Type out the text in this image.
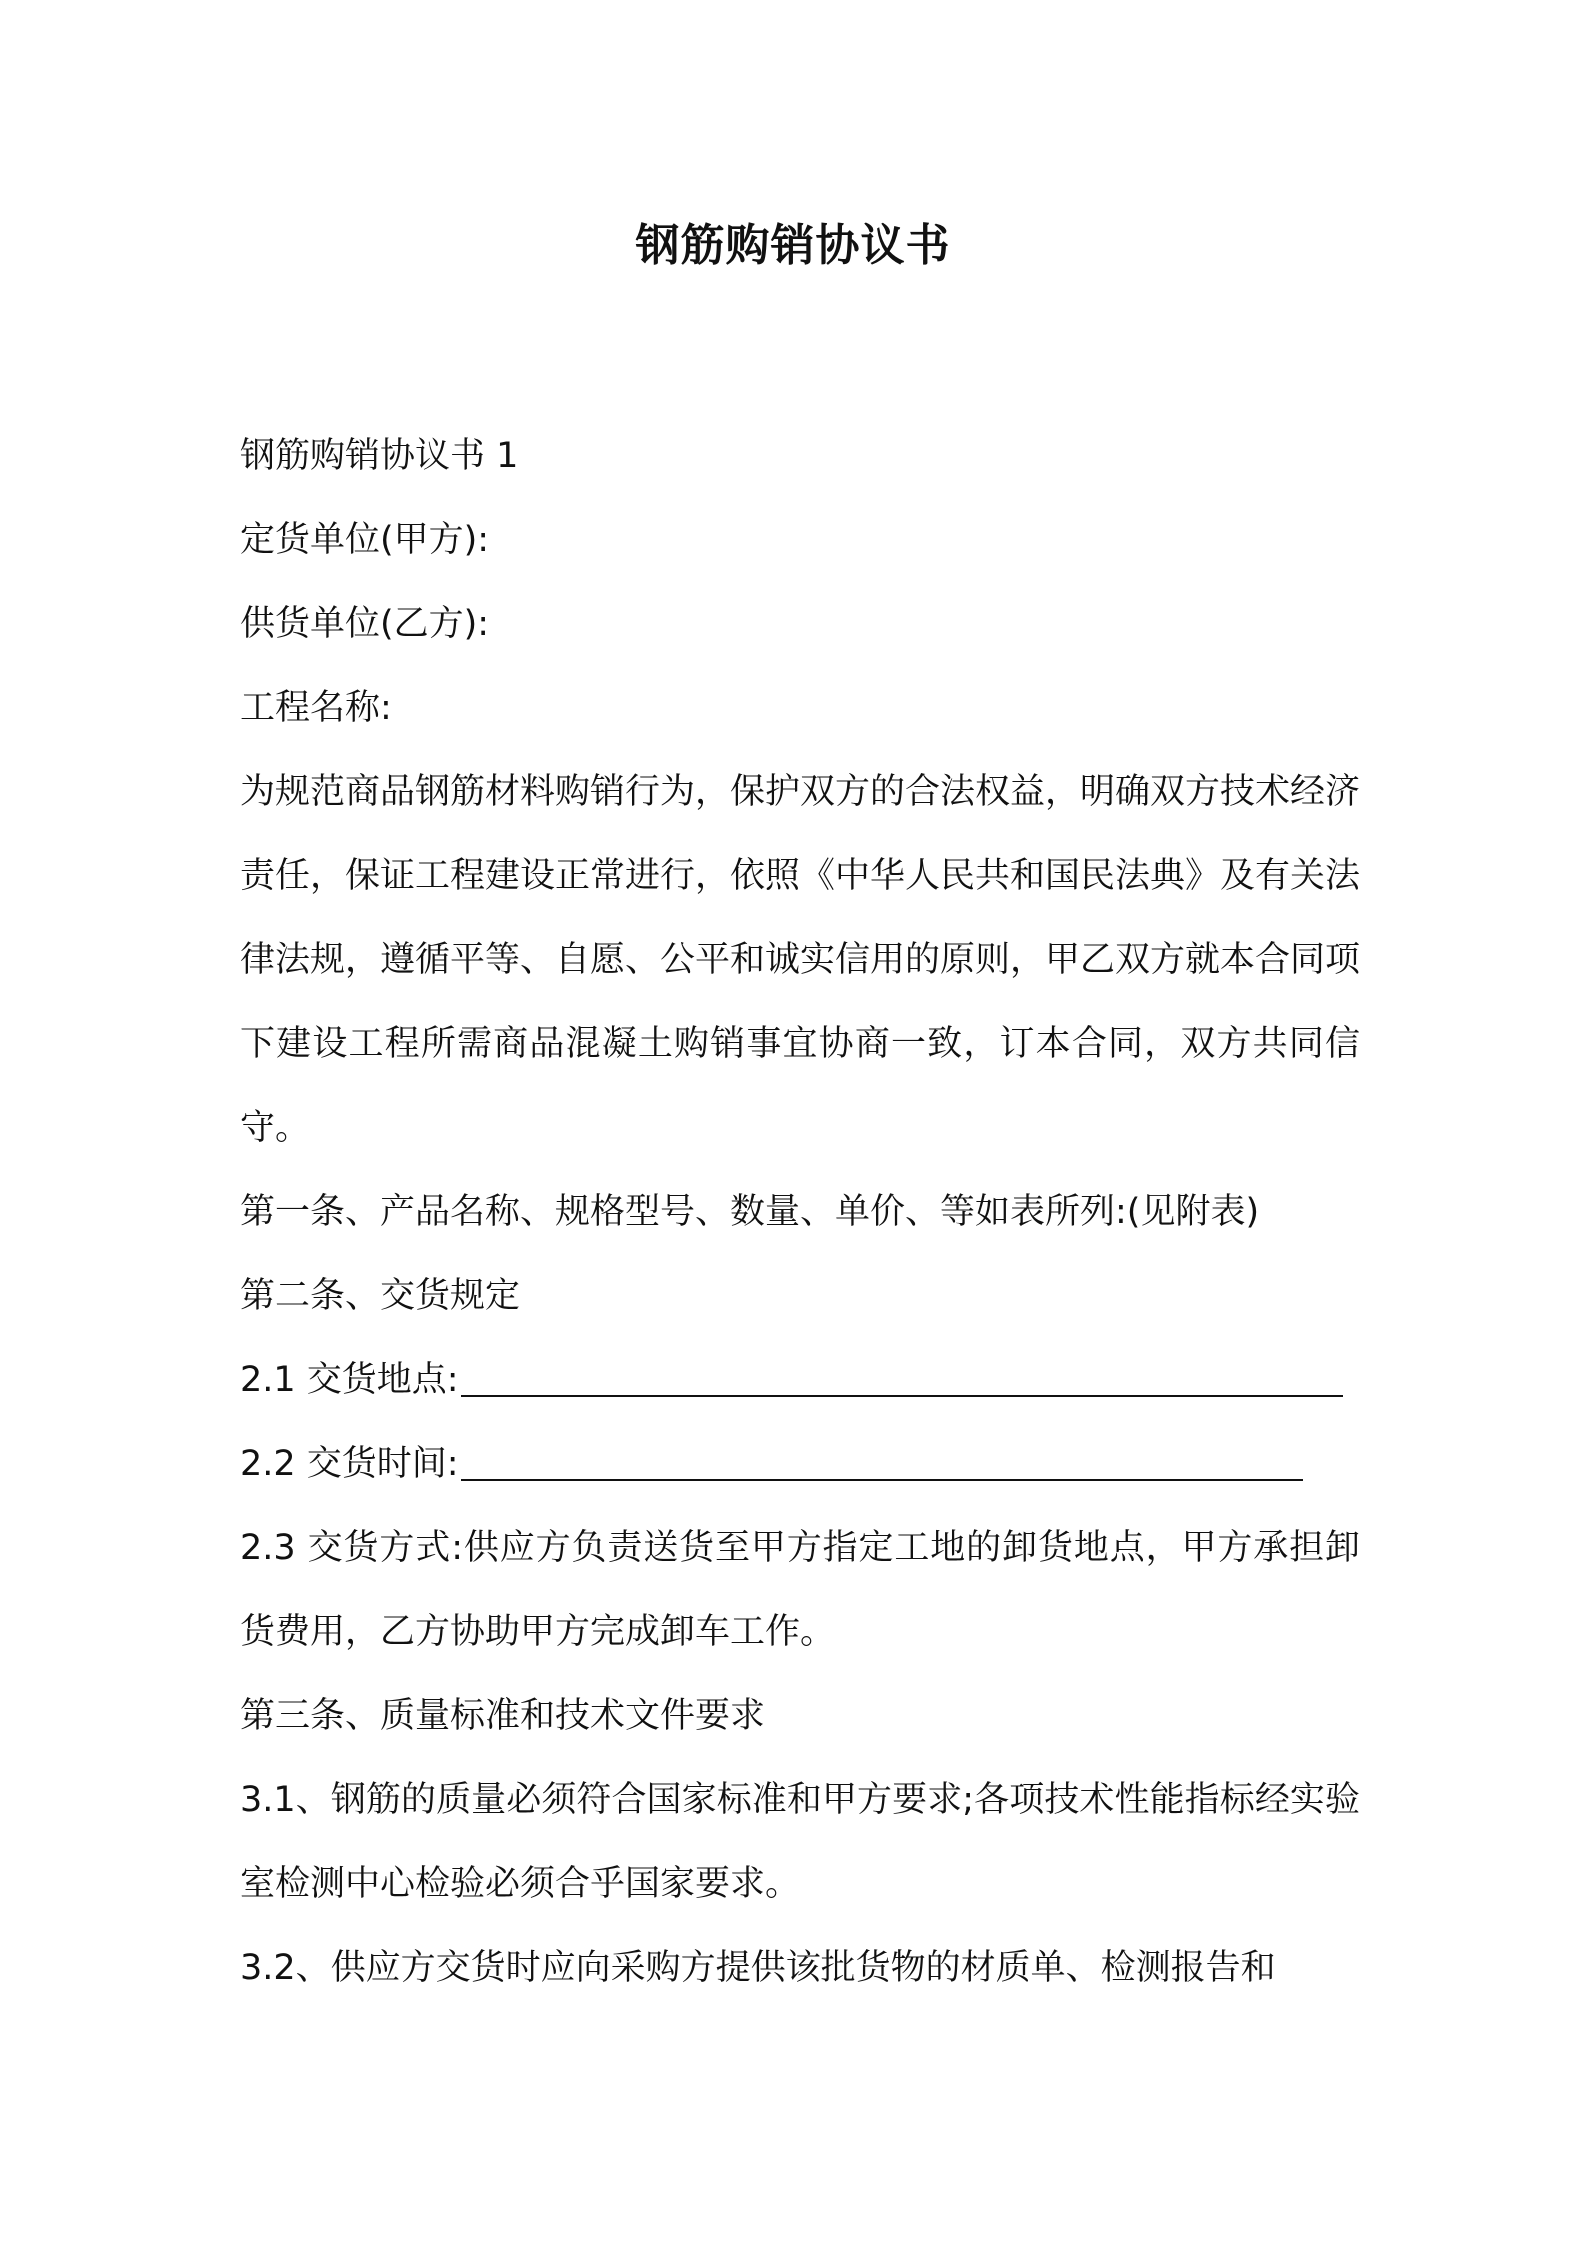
钢筋购销协议书

钢筋购销协议书 1

定货单位(甲方):

供货单位(乙方):

工程名称:

为规范商品钢筋材料购销行为，保护双方的合法权益，明确双方技术经济责任，保证工程建设正常进行，依照《中华人民共和国民法典》及有关法律法规，遵循平等、自愿、公平和诚实信用的原则，甲乙双方就本合同项下建设工程所需商品混凝土购销事宜协商一致，订本合同，双方共同信守。

第一条、产品名称、规格型号、数量、单价、等如表所列:(见附表)

第二条、交货规定

2.1 交货地点:

2.2 交货时间:

2.3 交货方式:供应方负责送货至甲方指定工地的卸货地点，甲方承担卸货费用，乙方协助甲方完成卸车工作。

第三条、质量标准和技术文件要求

3.1、钢筋的质量必须符合国家标准和甲方要求;各项技术性能指标经实验室检测中心检验必须合乎国家要求。

3.2、供应方交货时应向采购方提供该批货物的材质单、检测报告和
